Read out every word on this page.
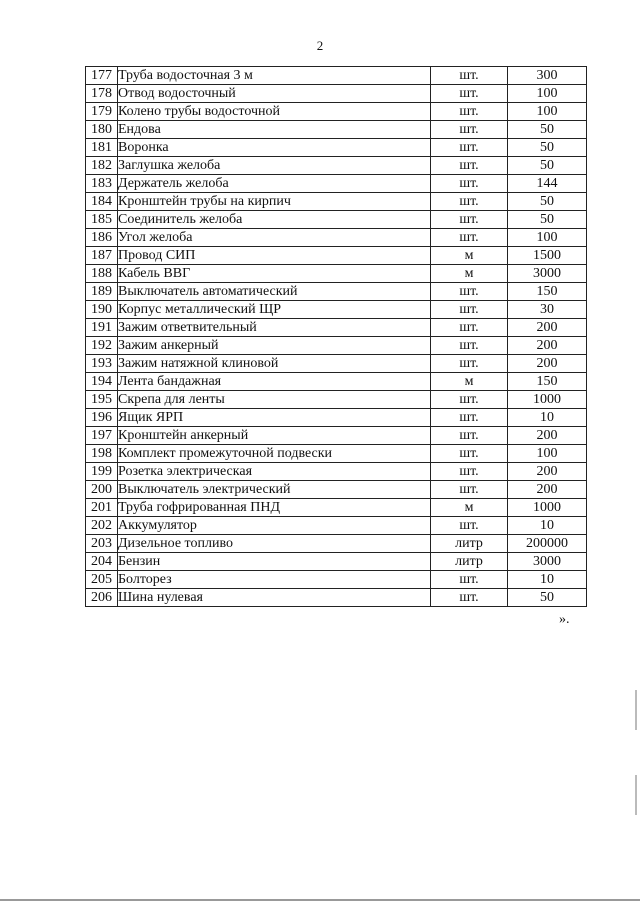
2
177	Труба водосточная 3 м	шт.	300
178	Отвод водосточный	шт.	100
179	Колено трубы водосточной	шт.	100
180	Ендова	шт.	50
181	Воронка	шт.	50
182	Заглушка желоба	шт.	50
183	Держатель желоба	шт.	144
184	Кронштейн трубы на кирпич	шт.	50
185	Соединитель желоба	шт.	50
186	Угол желоба	шт.	100
187	Провод СИП	м	1500
188	Кабель ВВГ	м	3000
189	Выключатель автоматический	шт.	150
190	Корпус металлический ЩР	шт.	30
191	Зажим ответвительный	шт.	200
192	Зажим анкерный	шт.	200
193	Зажим натяжной клиновой	шт.	200
194	Лента бандажная	м	150
195	Скрепа для ленты	шт.	1000
196	Ящик ЯРП	шт.	10
197	Кронштейн анкерный	шт.	200
198	Комплект промежуточной подвески	шт.	100
199	Розетка электрическая	шт.	200
200	Выключатель электрический	шт.	200
201	Труба гофрированная ПНД	м	1000
202	Аккумулятор	шт.	10
203	Дизельное топливо	литр	200000
204	Бензин	литр	3000
205	Болторез	шт.	10
206	Шина нулевая	шт.	50
».
